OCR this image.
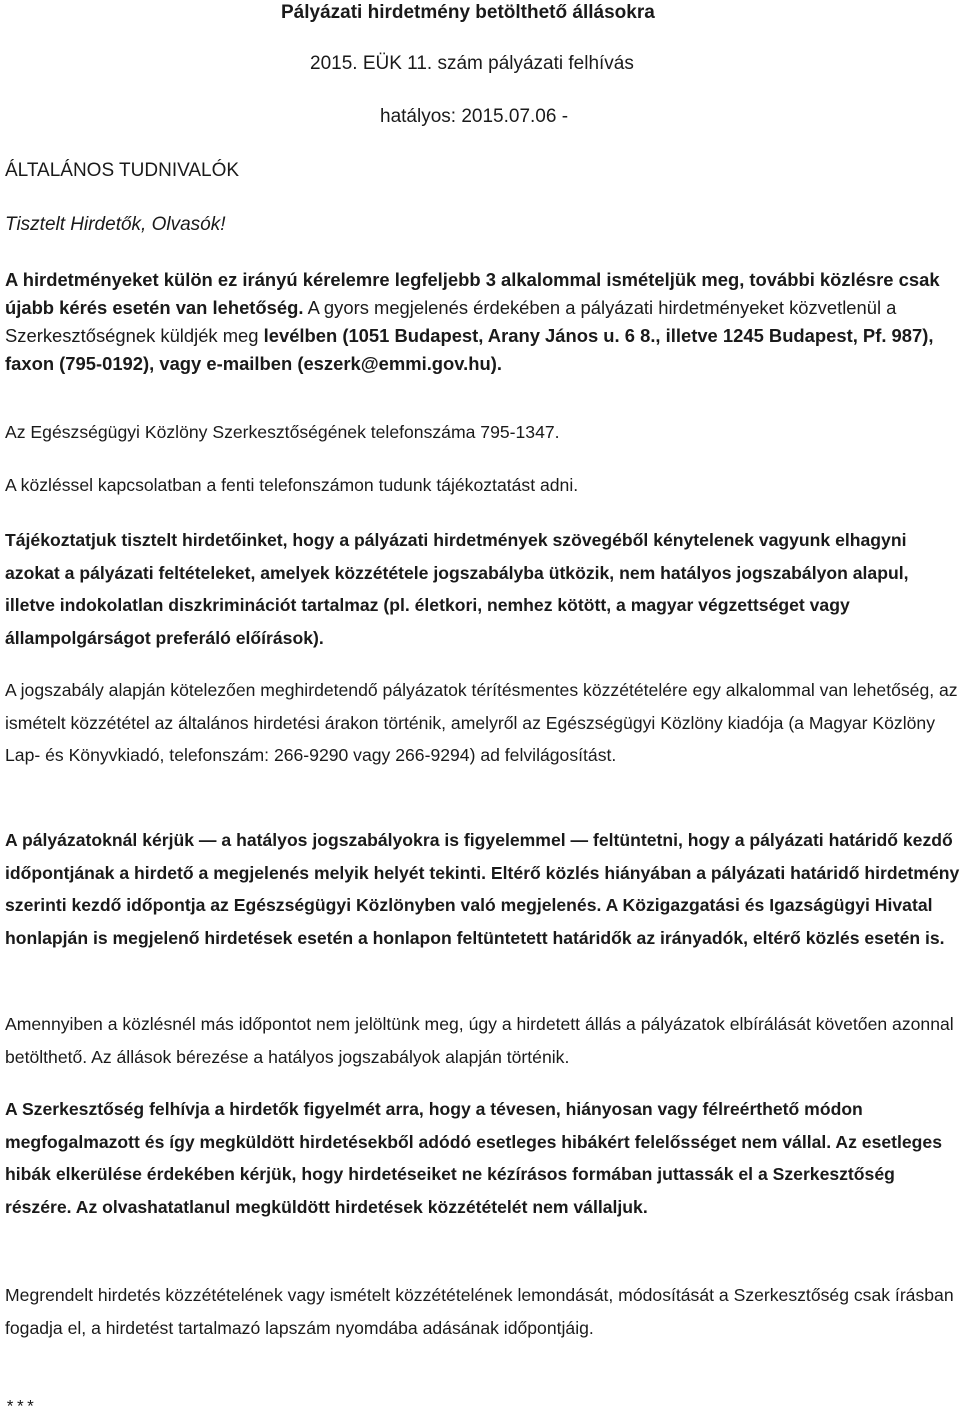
Pályázati hirdetmény betölthető állásokra
2015. EÜK 11. szám pályázati felhívás
hatályos: 2015.07.06 -
ÁLTALÁNOS TUDNIVALÓK
Tisztelt Hirdetők, Olvasók!

A hirdetményeket külön ez irányú kérelemre legfeljebb 3 alkalommal ismételjük meg, további közlésre csak újabb kérés esetén van lehetőség. A gyors megjelenés érdekében a pályázati hirdetményeket közvetlenül a Szerkesztőségnek küldjék meg levélben (1051 Budapest, Arany János u. 6 8., illetve 1245 Budapest, Pf. 987), faxon (795-0192), vagy e-mailben (eszerk@emmi.gov.hu).

Az Egészségügyi Közlöny Szerkesztőségének telefonszáma 795-1347.

A közléssel kapcsolatban a fenti telefonszámon tudunk tájékoztatást adni.

Tájékoztatjuk tisztelt hirdetőinket, hogy a pályázati hirdetmények szövegéből kénytelenek vagyunk elhagyni azokat a pályázati feltételeket, amelyek közzététele jogszabályba ütközik, nem hatályos jogszabályon alapul, illetve indokolatlan diszkriminációt tartalmaz (pl. életkori, nemhez kötött, a magyar végzettséget vagy állampolgárságot preferáló előírások).

A jogszabály alapján kötelezően meghirdetendő pályázatok térítésmentes közzétételére egy alkalommal van lehetőség, az ismételt közzététel az általános hirdetési árakon történik, amelyről az Egészségügyi Közlöny kiadója (a Magyar Közlöny Lap- és Könyvkiadó, telefonszám: 266-9290 vagy 266-9294) ad felvilágosítást.

A pályázatoknál kérjük — a hatályos jogszabályokra is figyelemmel — feltüntetni, hogy a pályázati határidő kezdő időpontjának a hirdető a megjelenés melyik helyét tekinti. Eltérő közlés hiányában a pályázati határidő hirdetmény szerinti kezdő időpontja az Egészségügyi Közlönyben való megjelenés. A Közigazgatási és Igazságügyi Hivatal honlapján is megjelenő hirdetések esetén a honlapon feltüntetett határidők az irányadók, eltérő közlés esetén is.

Amennyiben a közlésnél más időpontot nem jelöltünk meg, úgy a hirdetett állás a pályázatok elbírálását követően azonnal betölthető. Az állások bérezése a hatályos jogszabályok alapján történik.

A Szerkesztőség felhívja a hirdetők figyelmét arra, hogy a tévesen, hiányosan vagy félreérthető módon megfogalmazott és így megküldött hirdetésekből adódó esetleges hibákért felelősséget nem vállal. Az esetleges hibák elkerülése érdekében kérjük, hogy hirdetéseiket ne kézírásos formában juttassák el a Szerkesztőség részére. Az olvashatatlanul megküldött hirdetések közzétételét nem vállaljuk.

Megrendelt hirdetés közzétételének vagy ismételt közzétételének lemondását, módosítását a Szerkesztőség csak írásban fogadja el, a hirdetést tartalmazó lapszám nyomdába adásának időpontjáig.

***
